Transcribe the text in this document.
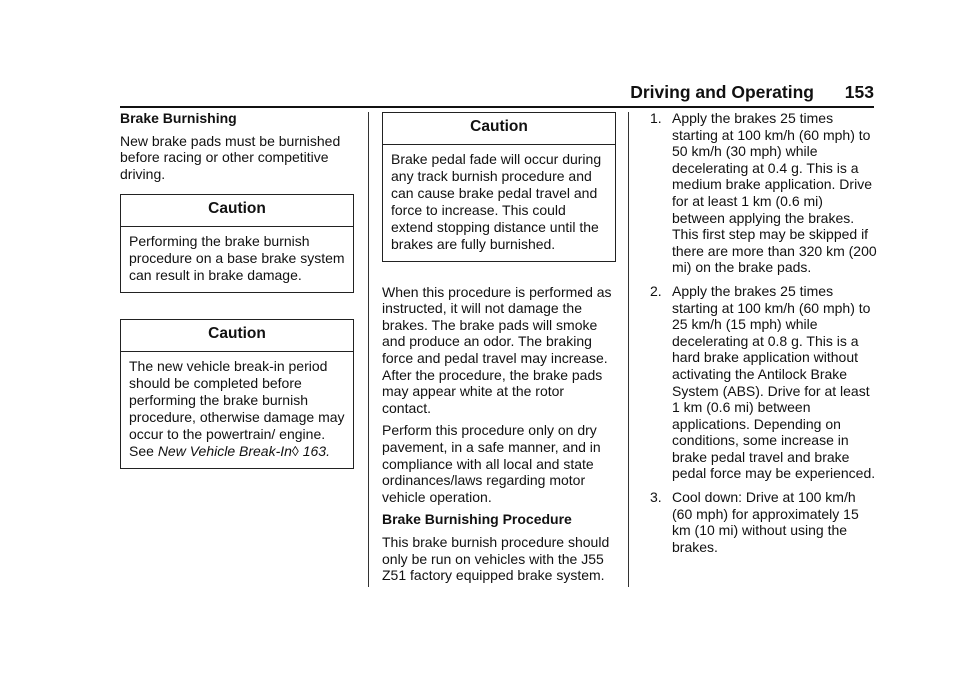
Driving and Operating 153

Brake Burnishing

New brake pads must be burnished before racing or other competitive driving.

Caution
Performing the brake burnish procedure on a base brake system can result in brake damage.
Caution
The new vehicle break-in period should be completed before performing the brake burnish procedure, otherwise damage may occur to the powertrain/ engine. See New Vehicle Break-In◊ 163.
Caution
Brake pedal fade will occur during any track burnish procedure and can cause brake pedal travel and force to increase. This could extend stopping distance until the brakes are fully burnished.

When this procedure is performed as instructed, it will not damage the brakes. The brake pads will smoke and produce an odor. The braking force and pedal travel may increase. After the procedure, the brake pads may appear white at the rotor contact.

Perform this procedure only on dry pavement, in a safe manner, and in compliance with all local and state ordinances/laws regarding motor vehicle operation.

Brake Burnishing Procedure

This brake burnish procedure should only be run on vehicles with the J55 Z51 factory equipped brake system.

1. Apply the brakes 25 times starting at 100 km/h (60 mph) to 50 km/h (30 mph) while decelerating at 0.4 g. This is a medium brake application. Drive for at least 1 km (0.6 mi) between applying the brakes. This first step may be skipped if there are more than 320 km (200 mi) on the brake pads.
2. Apply the brakes 25 times starting at 100 km/h (60 mph) to 25 km/h (15 mph) while decelerating at 0.8 g. This is a hard brake application without activating the Antilock Brake System (ABS). Drive for at least 1 km (0.6 mi) between applications. Depending on conditions, some increase in brake pedal travel and brake pedal force may be experienced.
3. Cool down: Drive at 100 km/h (60 mph) for approximately 15 km (10 mi) without using the brakes.
